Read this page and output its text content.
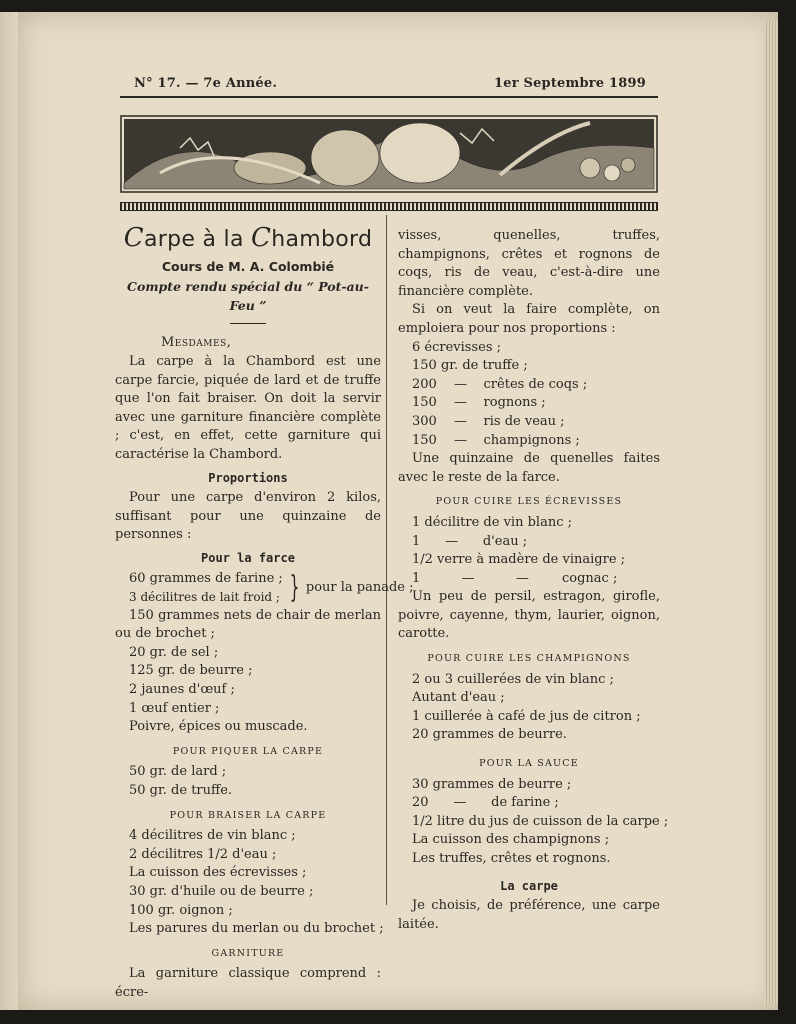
N° 17. — 7e Année.	1er Septembre 1899
Carpe à la Chambord

Cours de M. A. Colombié

Compte rendu spécial du “ Pot-au-Feu ”

Mesdames,

La carpe à la Chambord est une carpe farcie, piquée de lard et de truffe que l'on fait braiser. On doit la servir avec une garniture financière complète ; c'est, en effet, cette garniture qui caractérise la Chambord.

Proportions

Pour une carpe d'environ 2 kilos, suffisant pour une quinzaine de personnes :

Pour la farce
60 grammes de farine ;
3 décilitres de lait froid ; } pour la panade ;

150 grammes nets de chair de merlan ou de brochet ;

20 gr. de sel ;

125 gr. de beurre ;

2 jaunes d'œuf ;

1 œuf entier ;

Poivre, épices ou muscade.

POUR PIQUER LA CARPE

50 gr. de lard ;

50 gr. de truffe.

POUR BRAISER LA CARPE

4 décilitres de vin blanc ;

2 décilitres 1/2 d'eau ;

La cuisson des écrevisses ;

30 gr. d'huile ou de beurre ;

100 gr. oignon ;

Les parures du merlan ou du brochet ;

GARNITURE

La garniture classique comprend : écre-

visses, quenelles, truffes, champignons, crêtes et rognons de coqs, ris de veau, c'est-à-dire une financière complète.

Si on veut la faire complète, on emploiera pour nos proportions :

6 écrevisses ;

150 gr. de truffe ;

200 —    crêtes de coqs ;

150 —    rognons ;

300 —    ris de veau ;

150 —    champignons ;

Une quinzaine de quenelles faites avec le reste de la farce.

POUR CUIRE LES ÉCREVISSES

1 décilitre de vin blanc ;

1      —      d'eau ;

1/2 verre à madère de vinaigre ;

1          —          —        cognac ;

Un peu de persil, estragon, girofle, poivre, cayenne, thym, laurier, oignon, carotte.

POUR CUIRE LES CHAMPIGNONS

2 ou 3 cuillerées de vin blanc ;

Autant d'eau ;

1 cuillerée à café de jus de citron ;

20 grammes de beurre.

POUR LA SAUCE

30 grammes de beurre ;

20      —      de farine ;

1/2 litre du jus de cuisson de la carpe ;

La cuisson des champignons ;

Les truffes, crêtes et rognons.

La carpe

Je choisis, de préférence, une carpe laitée.
